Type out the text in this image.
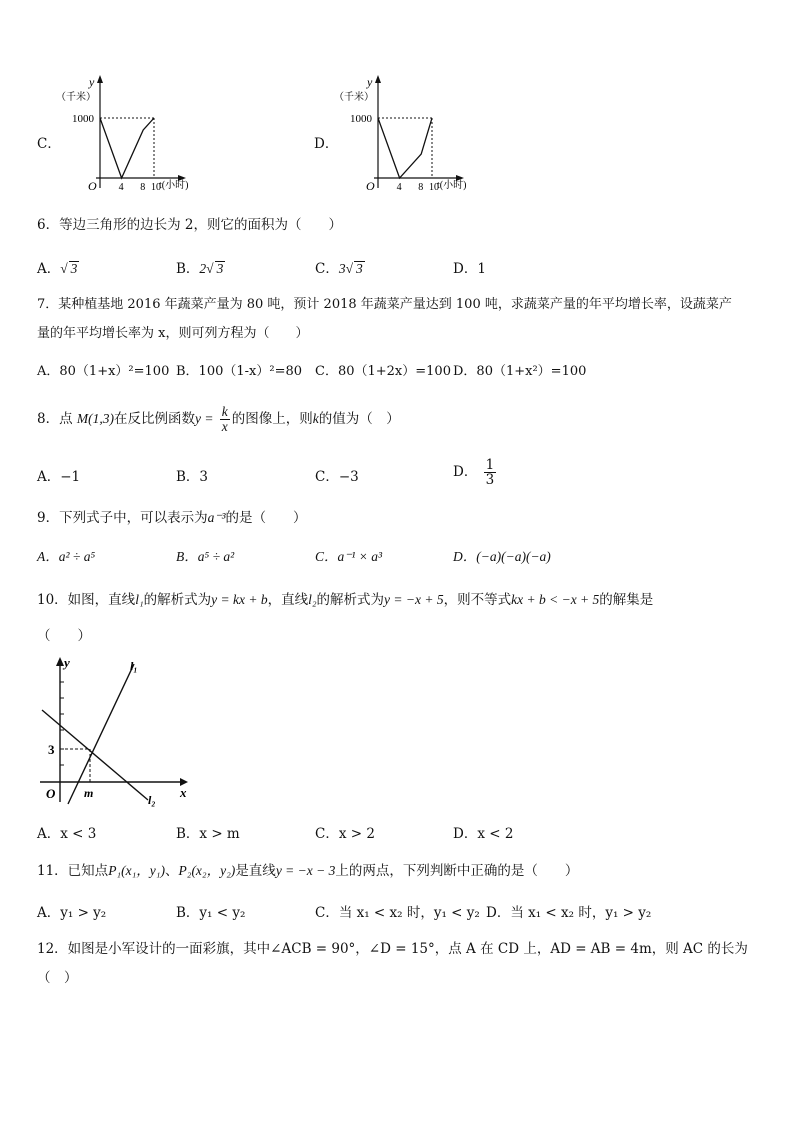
C．
y
（千米）
1000
O 4 8 10
t(小时)
D．
y
（千米）
1000
O 4 8 10
t(小时)
6．等边三角形的边长为 2，则它的面积为（　　）
A．√ 3	B．2√ 3	C．3√ 3	D．1
7．某种植基地 2016 年蔬菜产量为 80 吨，预计 2018 年蔬菜产量达到 100 吨，求蔬菜产量的年平均增长率，设蔬菜产
量的年平均增长率为 x，则可列方程为（　　）
A．80（1+x）²=100 B．100（1-x）²=80 C．80（1+2x）=100 D．80（1+x²）=100
8．点 M(1,3)在反比例函数$y = \frac{k}{x}$ 的图像上，则k的值为（　）
A．−1	B．3	C．−3	D． $\frac{1}{3}$
9．下列式子中，可以表示为a⁻³的是（　　）
A．a² ÷ a⁵	B．a⁵ ÷ a²	C．a⁻¹ × a³	D．(−a)(−a)(−a)
10．如图，直线l₁的解析式为y = kx + b，直线l₂的解析式为y = −x + 5，则不等式kx + b < −x + 5的解集是
（　　）
y
x
O
3
m
l₁
l₂
A．x < 3	B．x > m	C．x > 2	D．x < 2
11．已知点P₁(x₁，y₁)、P₂(x₂，y₂)是直线y = −x − 3上的两点，下列判断中正确的是（　　）
A．y₁ > y₂	B．y₁ < y₂	C．当 x₁ < x₂ 时，y₁ < y₂ D．当 x₁ < x₂ 时，y₁ > y₂
12．如图是小军设计的一面彩旗，其中∠ACB = 90°，∠D = 15°，点 A 在 CD 上，AD = AB = 4m，则 AC 的长为
（　）
